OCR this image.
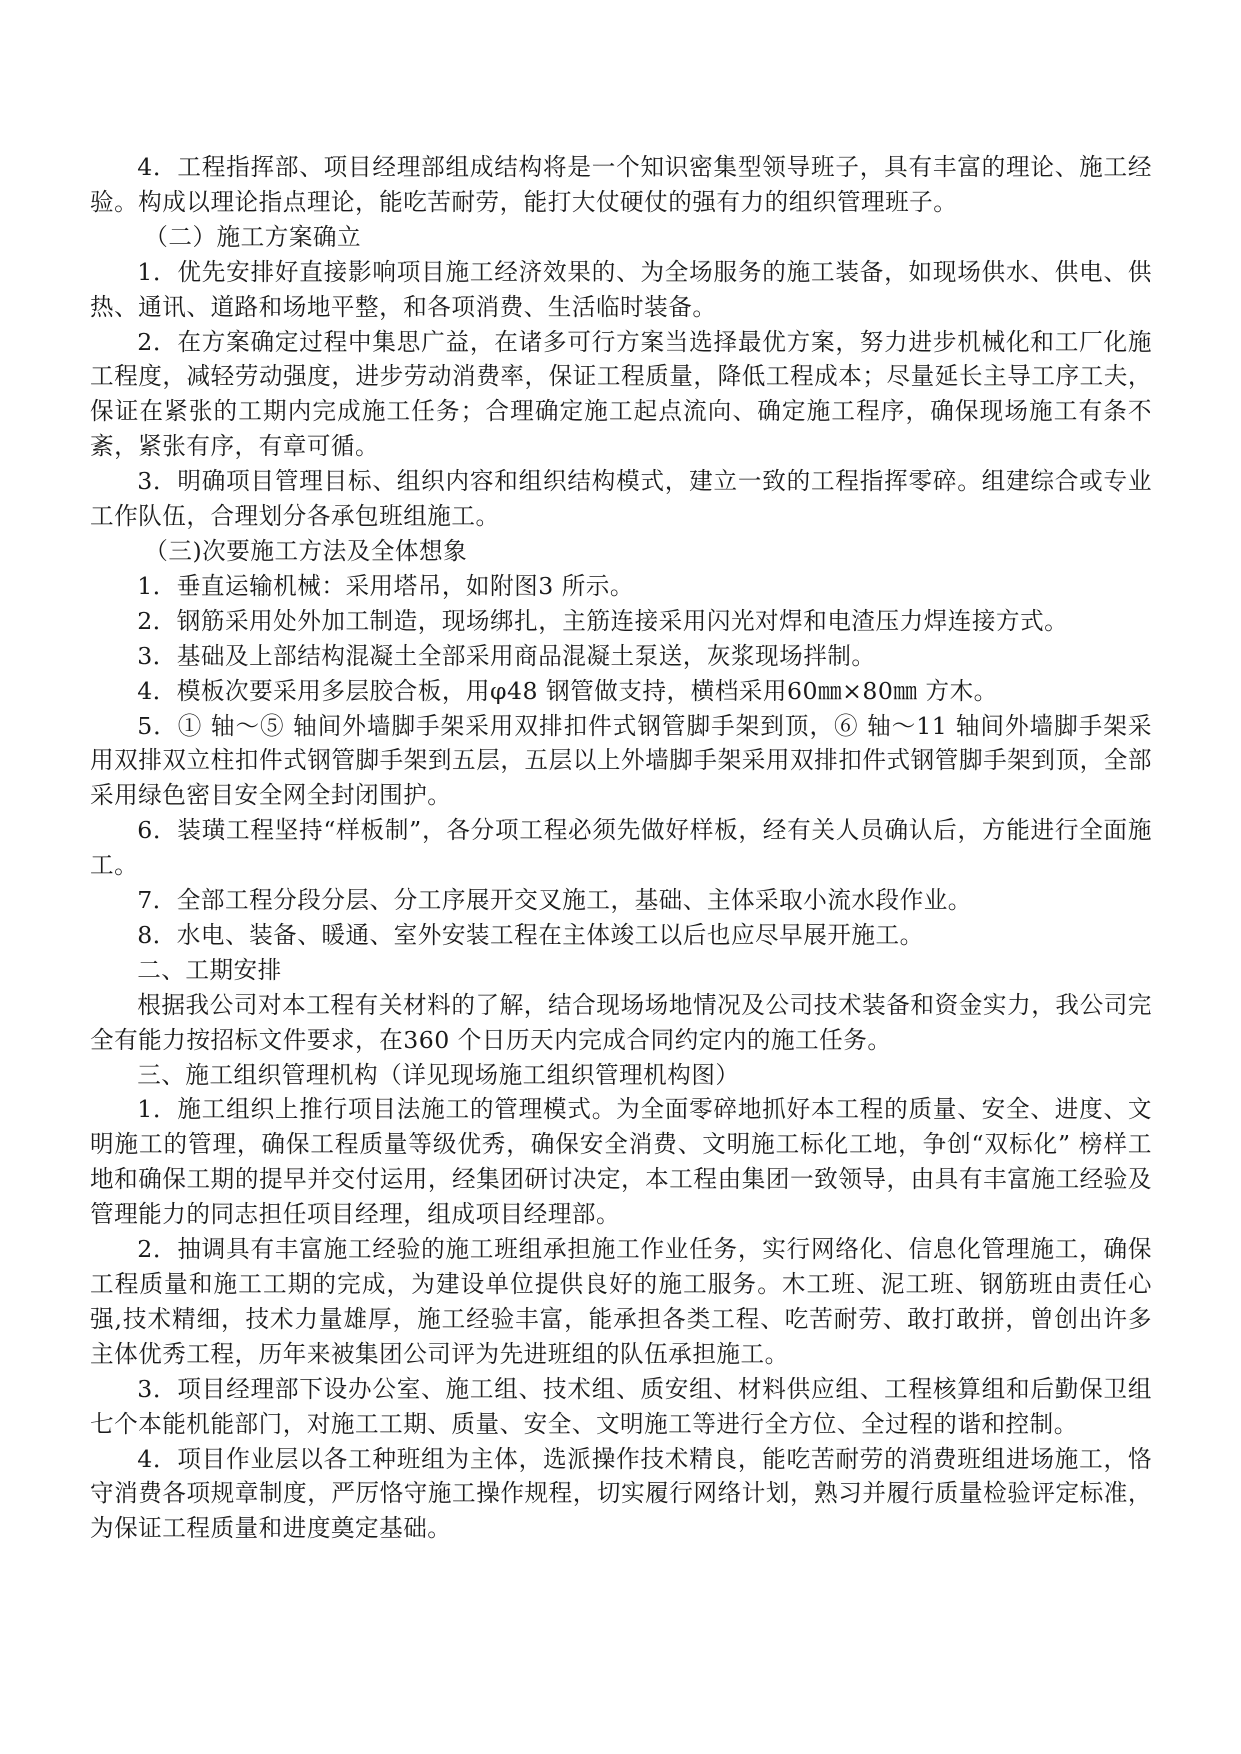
4．工程指挥部、项目经理部组成结构将是一个知识密集型领导班子，具有丰富的理论、施工经验。构成以理论指点理论，能吃苦耐劳，能打大仗硬仗的强有力的组织管理班子。

（二）施工方案确立

1．优先安排好直接影响项目施工经济效果的、为全场服务的施工装备，如现场供水、供电、供热、通讯、道路和场地平整，和各项消费、生活临时装备。

2．在方案确定过程中集思广益，在诸多可行方案当选择最优方案，努力进步机械化和工厂化施工程度，减轻劳动强度，进步劳动消费率，保证工程质量，降低工程成本；尽量延长主导工序工夫，保证在紧张的工期内完成施工任务；合理确定施工起点流向、确定施工程序，确保现场施工有条不紊，紧张有序，有章可循。

3．明确项目管理目标、组织内容和组织结构模式，建立一致的工程指挥零碎。组建综合或专业工作队伍，合理划分各承包班组施工。

（三)次要施工方法及全体想象

1．垂直运输机械：采用塔吊，如附图3 所示。

2．钢筋采用处外加工制造，现场绑扎，主筋连接采用闪光对焊和电渣压力焊连接方式。

3．基础及上部结构混凝土全部采用商品混凝土泵送，灰浆现场拌制。

4．模板次要采用多层胶合板，用φ48 钢管做支持，横档采用60㎜×80㎜ 方木。

5．① 轴～⑤ 轴间外墙脚手架采用双排扣件式钢管脚手架到顶，⑥ 轴～11 轴间外墙脚手架采用双排双立柱扣件式钢管脚手架到五层，五层以上外墙脚手架采用双排扣件式钢管脚手架到顶，全部采用绿色密目安全网全封闭围护。

6．装璜工程坚持“样板制”，各分项工程必须先做好样板，经有关人员确认后，方能进行全面施工。

7．全部工程分段分层、分工序展开交叉施工，基础、主体采取小流水段作业。

8．水电、装备、暖通、室外安装工程在主体竣工以后也应尽早展开施工。

二、工期安排

根据我公司对本工程有关材料的了解，结合现场场地情况及公司技术装备和资金实力，我公司完全有能力按招标文件要求，在360 个日历天内完成合同约定内的施工任务。

三、施工组织管理机构（详见现场施工组织管理机构图）

1．施工组织上推行项目法施工的管理模式。为全面零碎地抓好本工程的质量、安全、进度、文明施工的管理，确保工程质量等级优秀，确保安全消费、文明施工标化工地，争创“双标化” 榜样工地和确保工期的提早并交付运用，经集团研讨决定，本工程由集团一致领导，由具有丰富施工经验及管理能力的同志担任项目经理，组成项目经理部。

2．抽调具有丰富施工经验的施工班组承担施工作业任务，实行网络化、信息化管理施工，确保工程质量和施工工期的完成，为建设单位提供良好的施工服务。木工班、泥工班、钢筋班由责任心强,技术精细，技术力量雄厚，施工经验丰富，能承担各类工程、吃苦耐劳、敢打敢拼，曾创出许多主体优秀工程，历年来被集团公司评为先进班组的队伍承担施工。

3．项目经理部下设办公室、施工组、技术组、质安组、材料供应组、工程核算组和后勤保卫组七个本能机能部门，对施工工期、质量、安全、文明施工等进行全方位、全过程的谐和控制。

4．项目作业层以各工种班组为主体，选派操作技术精良，能吃苦耐劳的消费班组进场施工，恪守消费各项规章制度，严厉恪守施工操作规程，切实履行网络计划，熟习并履行质量检验评定标准，为保证工程质量和进度奠定基础。
